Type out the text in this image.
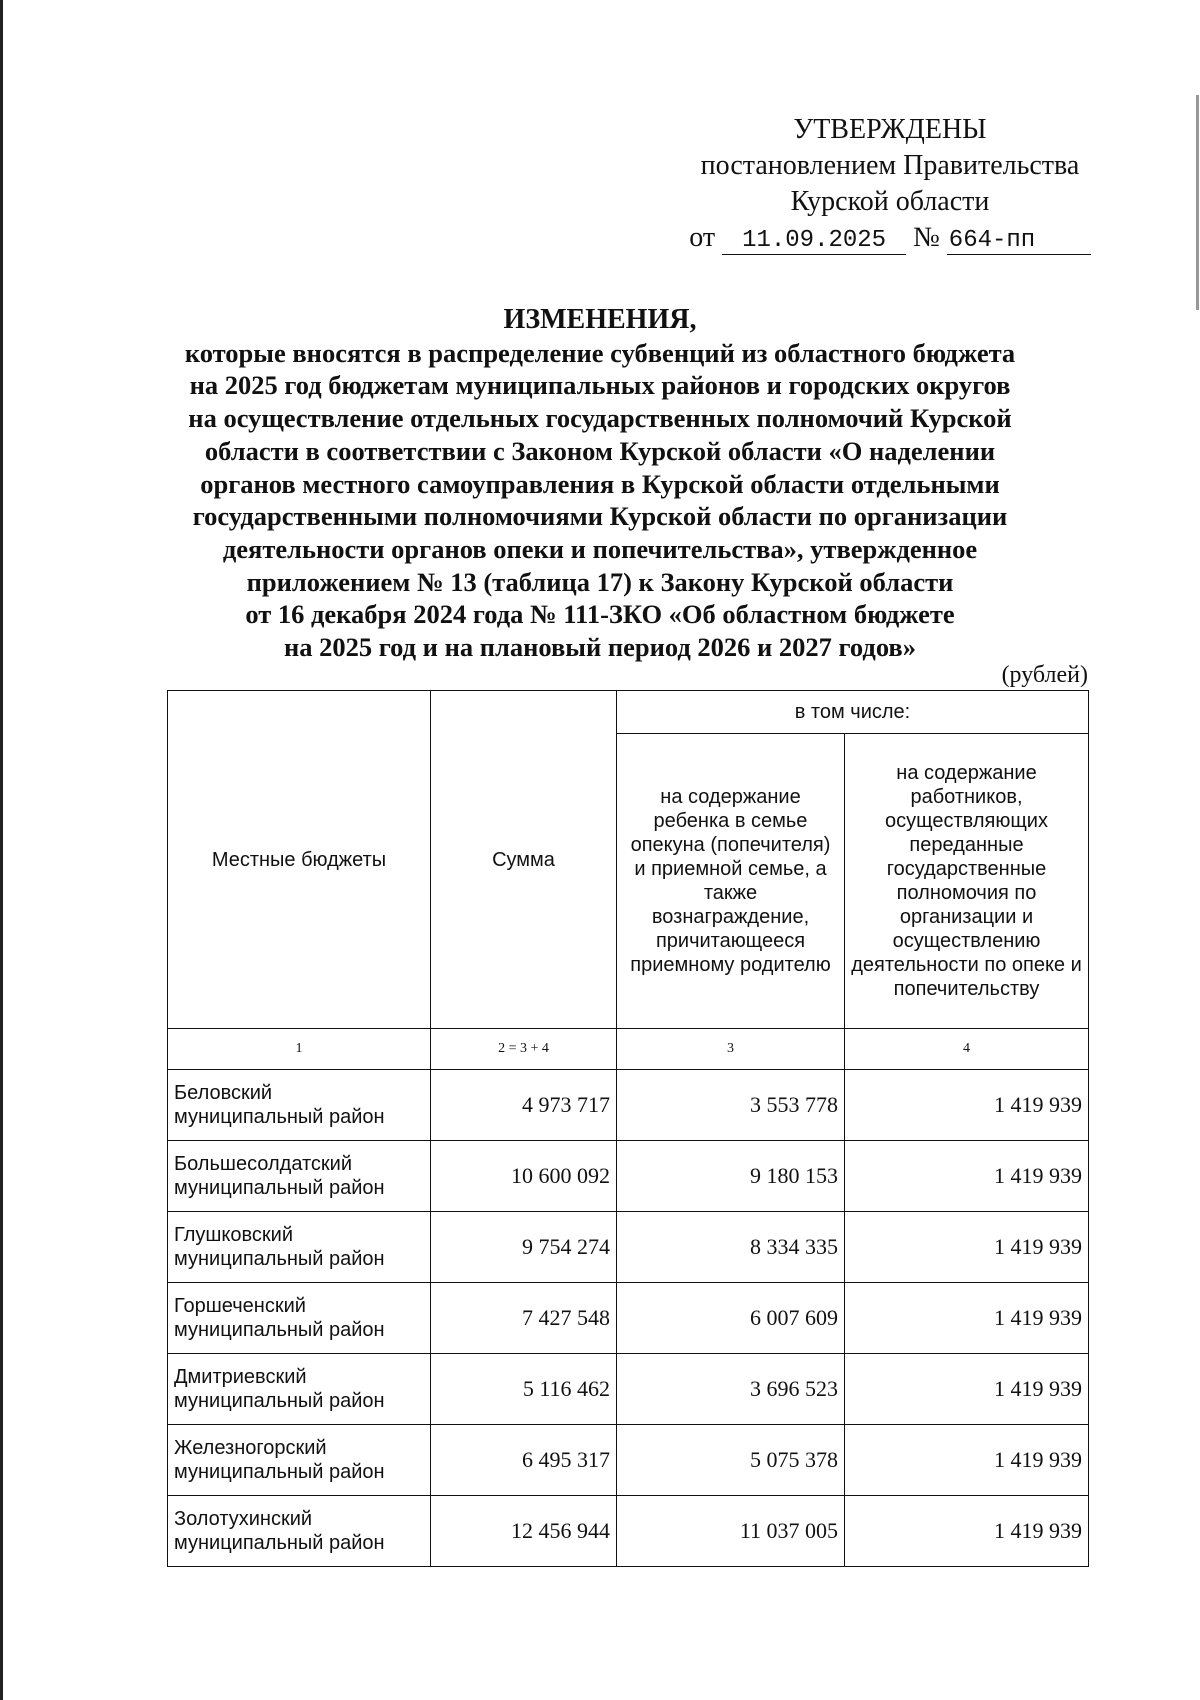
УТВЕРЖДЕНЫ
постановлением Правительства
Курской области
от 11.09.2025 № 664-пп
ИЗМЕНЕНИЯ,
которые вносятся в распределение субвенций из областного бюджета
на 2025 год бюджетам муниципальных районов и городских округов
на осуществление отдельных государственных полномочий Курской
области в соответствии с Законом Курской области «О наделении
органов местного самоуправления в Курской области отдельными
государственными полномочиями Курской области по организации
деятельности органов опеки и попечительства», утвержденное
приложением № 13 (таблица 17) к Закону Курской области
от 16 декабря 2024 года № 111-ЗКО «Об областном бюджете
на 2025 год и на плановый период 2026 и 2027 годов»
(рублей)
Местные бюджеты	Сумма	в том числе:	
		на содержание ребенка в семье опекуна (попечителя) и приемной семье, а также вознаграждение, причитающееся приемному родителю	на содержание работников, осуществляющих переданные государственные полномочия по организации и осуществлению деятельности по опеке и попечительству
1	2 = 3 + 4	3	4

Беловский
муниципальный район	4 973 717	3 553 778	1 419 939

Большесолдатский
муниципальный район	10 600 092	9 180 153	1 419 939

Глушковский
муниципальный район	9 754 274	8 334 335	1 419 939

Горшеченский
муниципальный район	7 427 548	6 007 609	1 419 939

Дмитриевский
муниципальный район	5 116 462	3 696 523	1 419 939

Железногорский
муниципальный район	6 495 317	5 075 378	1 419 939

Золотухинский
муниципальный район	12 456 944	11 037 005	1 419 939
